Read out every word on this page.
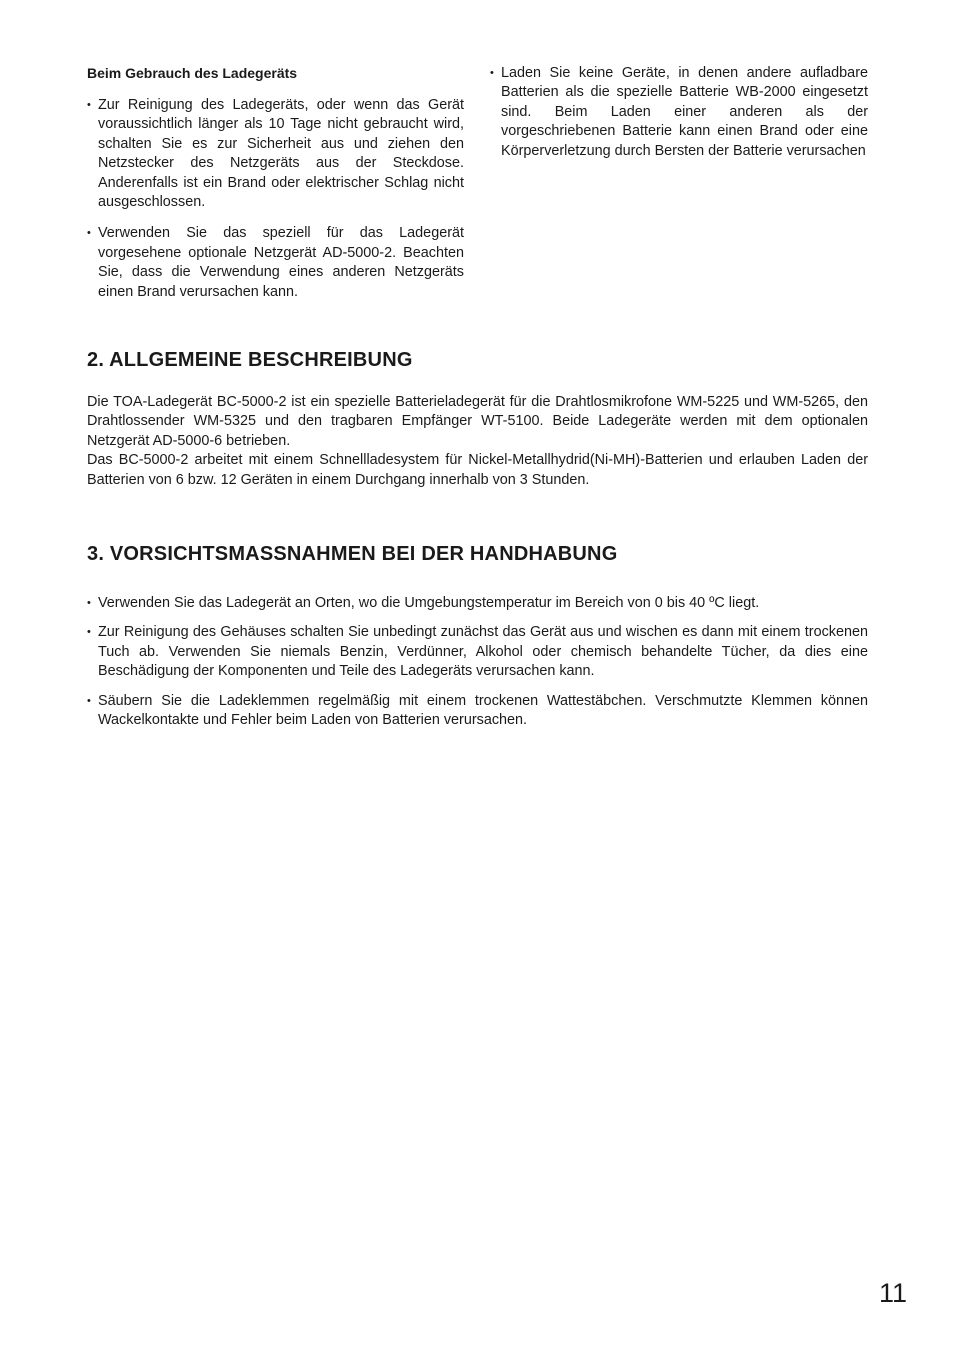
Beim Gebrauch des Ladegeräts
• Zur Reinigung des Ladegeräts, oder wenn das Gerät voraussichtlich länger als 10 Tage nicht gebraucht wird, schalten Sie es zur Sicherheit aus und ziehen den Netzstecker des Netzgeräts aus der Steckdose. Anderenfalls ist ein Brand oder elektrischer Schlag nicht ausgeschlossen.
• Verwenden Sie das speziell für das Ladegerät vorgesehene optionale Netzgerät AD-5000-2. Beachten Sie, dass die Verwendung eines anderen Netzgeräts einen Brand verursachen kann.
• Laden Sie keine Geräte, in denen andere aufladbare Batterien als die spezielle Batterie WB-2000 eingesetzt sind. Beim Laden einer anderen als der vorgeschriebenen Batterie kann einen Brand oder eine Körperverletzung durch Bersten der Batterie verursachen
2. ALLGEMEINE BESCHREIBUNG

Die TOA-Ladegerät BC-5000-2 ist ein spezielle Batterieladegerät für die Drahtlosmikrofone WM-5225 und WM-5265, den Drahtlossender WM-5325 und den tragbaren Empfänger WT-5100. Beide Ladegeräte werden mit dem optionalen Netzgerät AD-5000-6 betrieben.

Das BC-5000-2 arbeitet mit einem Schnellladesystem für Nickel-Metallhydrid(Ni-MH)-Batterien und erlauben Laden der Batterien von 6 bzw. 12 Geräten in einem Durchgang innerhalb von 3 Stunden.

3. VORSICHTSMASSNAHMEN BEI DER HANDHABUNG
• Verwenden Sie das Ladegerät an Orten, wo die Umgebungstemperatur im Bereich von 0 bis 40 ºC liegt.
• Zur Reinigung des Gehäuses schalten Sie unbedingt zunächst das Gerät aus und wischen es dann mit einem trockenen Tuch ab. Verwenden Sie niemals Benzin, Verdünner, Alkohol oder chemisch behandelte Tücher, da dies eine Beschädigung der Komponenten und Teile des Ladegeräts verursachen kann.
• Säubern Sie die Ladeklemmen regelmäßig mit einem trockenen Wattestäbchen. Verschmutzte Klemmen können Wackelkontakte und Fehler beim Laden von Batterien verursachen.
11
